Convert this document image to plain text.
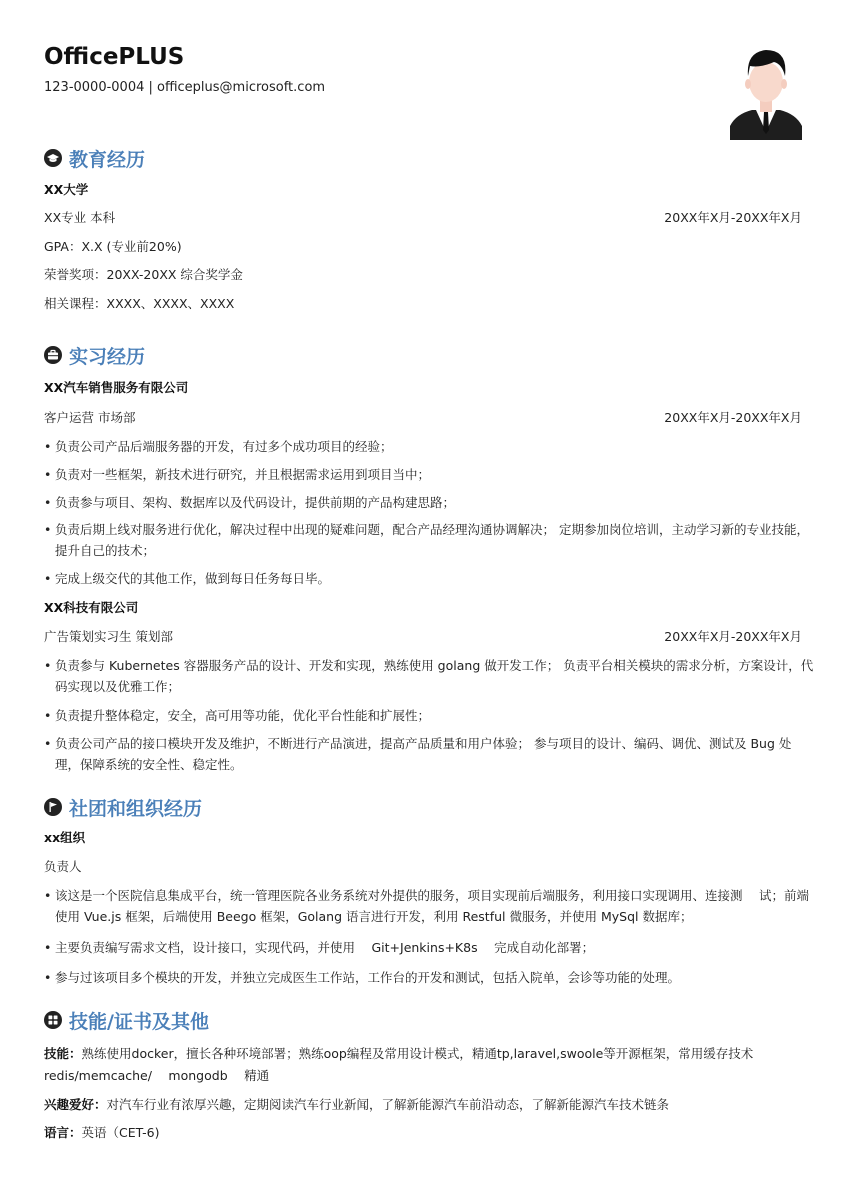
OfficePLUS
123-0000-0004 | officeplus@microsoft.com
教育经历
XX大学
XX专业 本科	20XX年X月-20XX年X月
GPA：X.X (专业前20%)
荣誉奖项：20XX-20XX 综合奖学金
相关课程：XXXX、XXXX、XXXX
实习经历
XX汽车销售服务有限公司
客户运营 市场部	20XX年X月-20XX年X月
• 负责公司产品后端服务器的开发，有过多个成功项目的经验；
• 负责对一些框架，新技术进行研究，并且根据需求运用到项目当中；
• 负责参与项目、架构、数据库以及代码设计，提供前期的产品构建思路；
• 负责后期上线对服务进行优化，解决过程中出现的疑难问题，配合产品经理沟通协调解决； 定期参加岗位培训，主动学习新的专业技能，提升自己的技术；
• 完成上级交代的其他工作，做到每日任务每日毕。
XX科技有限公司
广告策划实习生 策划部	20XX年X月-20XX年X月
• 负责参与 Kubernetes 容器服务产品的设计、开发和实现，熟练使用 golang 做开发工作； 负责平台相关模块的需求分析，方案设计，代码实现以及优雅工作；
• 负责提升整体稳定，安全，高可用等功能，优化平台性能和扩展性；
• 负责公司产品的接口模块开发及维护，不断进行产品演进，提高产品质量和用户体验； 参与项目的设计、编码、调优、测试及 Bug 处理，保障系统的安全性、稳定性。
社团和组织经历
xx组织
负责人
• 该这是一个医院信息集成平台，统一管理医院各业务系统对外提供的服务，项目实现前后端服务，利用接口实现调用、连接测　 试；前端使用 Vue.js 框架，后端使用 Beego 框架，Golang 语言进行开发，利用 Restful 微服务，并使用 MySql 数据库；
• 主要负责编写需求文档，设计接口，实现代码，并使用　 Git+Jenkins+K8s　 完成自动化部署；
• 参与过该项目多个模块的开发，并独立完成医生工作站，工作台的开发和测试，包括入院单，会诊等功能的处理。
技能/证书及其他
技能：熟练使用docker，擅长各种环境部署；熟练oop编程及常用设计模式，精通tp,laravel,swoole等开源框架，常用缓存技术
redis/memcache/　 mongodb　 精通
兴趣爱好：对汽车行业有浓厚兴趣，定期阅读汽车行业新闻，了解新能源汽车前沿动态，了解新能源汽车技术链条
语言：英语（CET-6)
